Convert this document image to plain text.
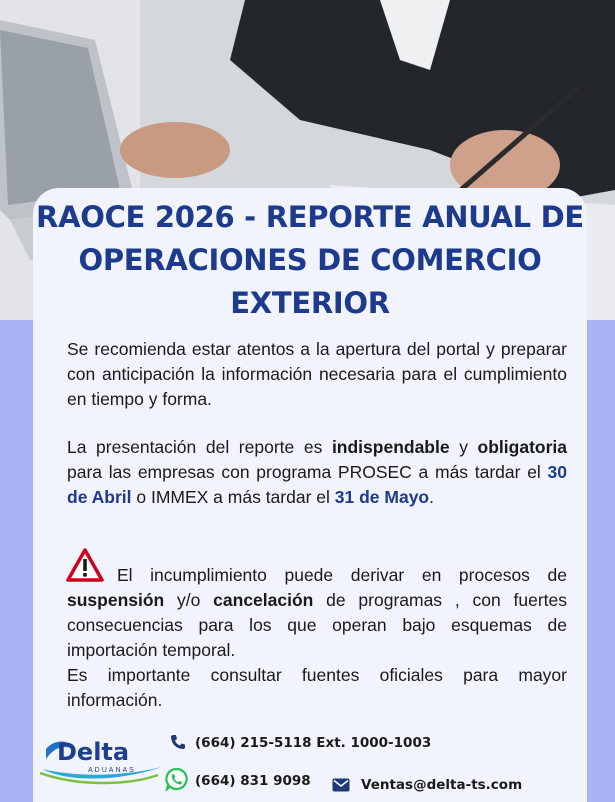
RAOCE 2026 - REPORTE ANUAL DE
OPERACIONES DE COMERCIO
EXTERIOR
Se recomienda estar atentos a la apertura del portal y preparar con anticipación la información necesaria para el cumplimiento en tiempo y forma.
La presentación del reporte es indispendable y obligatoria para las empresas con programa PROSEC a más tardar el 30 de Abril o IMMEX a más tardar el 31 de Mayo.
El incumplimiento puede derivar en procesos de suspensión y/o cancelación de programas , con fuertes consecuencias para los que operan bajo esquemas de importación temporal.
Es importante consultar fuentes oficiales para mayor información.
Delta
ADUANAS
(664) 215-5118 Ext. 1000-1003
(664) 831 9098	Ventas@delta-ts.com
